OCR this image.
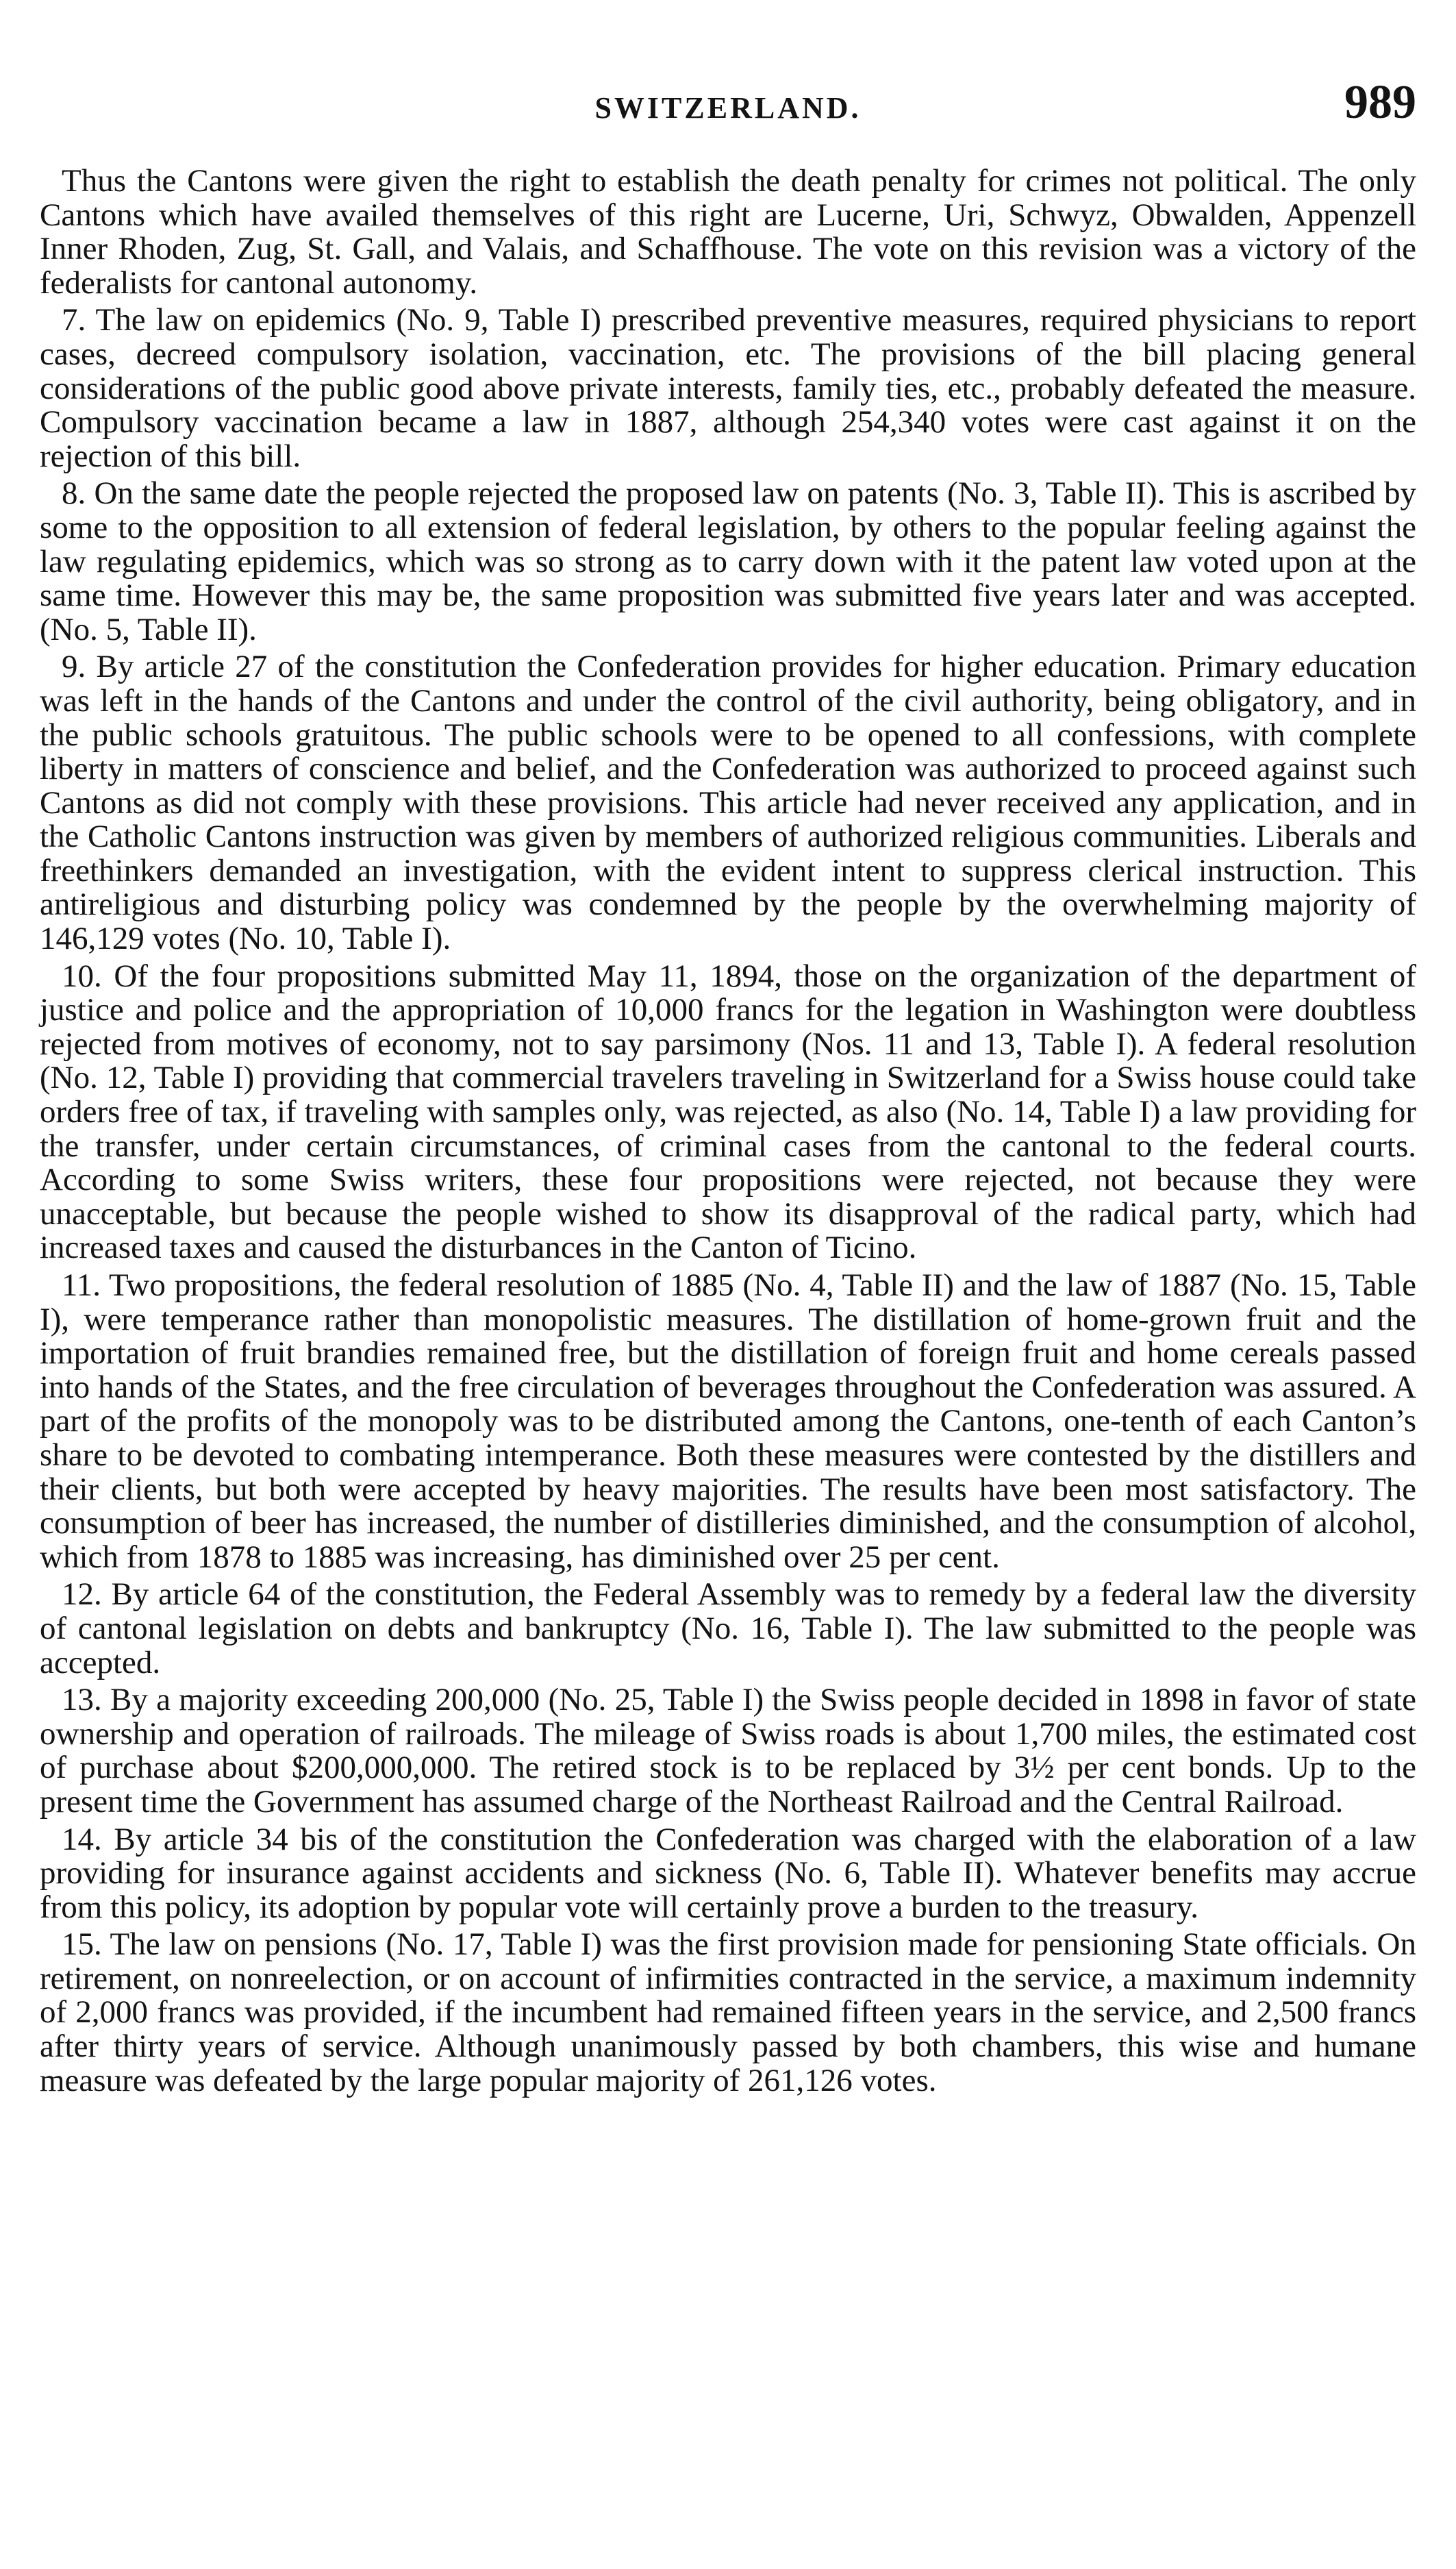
SWITZERLAND.	989

Thus the Cantons were given the right to establish the death penalty for crimes not political. The only Cantons which have availed themselves of this right are Lucerne, Uri, Schwyz, Obwalden, Appenzell Inner Rhoden, Zug, St. Gall, and Valais, and Schaffhouse. The vote on this revision was a victory of the federalists for cantonal autonomy.

7. The law on epidemics (No. 9, Table I) prescribed preventive measures, required physicians to report cases, decreed compulsory isolation, vaccination, etc. The provisions of the bill placing general considerations of the public good above private interests, family ties, etc., probably defeated the measure. Compulsory vaccination became a law in 1887, although 254,340 votes were cast against it on the rejection of this bill.

8. On the same date the people rejected the proposed law on patents (No. 3, Table II). This is ascribed by some to the opposition to all extension of federal legislation, by others to the popular feeling against the law regulating epidemics, which was so strong as to carry down with it the patent law voted upon at the same time. However this may be, the same proposition was submitted five years later and was accepted. (No. 5, Table II).

9. By article 27 of the constitution the Confederation provides for higher education. Primary education was left in the hands of the Cantons and under the control of the civil authority, being obligatory, and in the public schools gratuitous. The public schools were to be opened to all confessions, with complete liberty in matters of conscience and belief, and the Confederation was authorized to proceed against such Cantons as did not comply with these provisions. This article had never received any application, and in the Catholic Cantons instruction was given by members of authorized religious communities. Liberals and freethinkers demanded an investigation, with the evident intent to suppress clerical instruction. This antireligious and disturbing policy was condemned by the people by the overwhelming majority of 146,129 votes (No. 10, Table I).

10. Of the four propositions submitted May 11, 1894, those on the organization of the department of justice and police and the appropriation of 10,000 francs for the legation in Washington were doubtless rejected from motives of economy, not to say parsimony (Nos. 11 and 13, Table I). A federal resolution (No. 12, Table I) providing that commercial travelers traveling in Switzerland for a Swiss house could take orders free of tax, if traveling with samples only, was rejected, as also (No. 14, Table I) a law providing for the transfer, under certain circumstances, of criminal cases from the cantonal to the federal courts. According to some Swiss writers, these four propositions were rejected, not because they were unacceptable, but because the people wished to show its disapproval of the radical party, which had increased taxes and caused the disturbances in the Canton of Ticino.

11. Two propositions, the federal resolution of 1885 (No. 4, Table II) and the law of 1887 (No. 15, Table I), were temperance rather than monopolistic measures. The distillation of home-grown fruit and the importation of fruit brandies remained free, but the distillation of foreign fruit and home cereals passed into hands of the States, and the free circulation of beverages throughout the Confederation was assured. A part of the profits of the monopoly was to be distributed among the Cantons, one-tenth of each Canton’s share to be devoted to combating intemperance. Both these measures were contested by the distillers and their clients, but both were accepted by heavy majorities. The results have been most satisfactory. The consumption of beer has increased, the number of distilleries diminished, and the consumption of alcohol, which from 1878 to 1885 was increasing, has diminished over 25 per cent.

12. By article 64 of the constitution, the Federal Assembly was to remedy by a federal law the diversity of cantonal legislation on debts and bankruptcy (No. 16, Table I). The law submitted to the people was accepted.

13. By a majority exceeding 200,000 (No. 25, Table I) the Swiss people decided in 1898 in favor of state ownership and operation of railroads. The mileage of Swiss roads is about 1,700 miles, the estimated cost of purchase about $200,000,000. The retired stock is to be replaced by 3½ per cent bonds. Up to the present time the Government has assumed charge of the Northeast Railroad and the Central Railroad.

14. By article 34 bis of the constitution the Confederation was charged with the elaboration of a law providing for insurance against accidents and sickness (No. 6, Table II). Whatever benefits may accrue from this policy, its adoption by popular vote will certainly prove a burden to the treasury.

15. The law on pensions (No. 17, Table I) was the first provision made for pensioning State officials. On retirement, on nonreelection, or on account of infirmities contracted in the service, a maximum indemnity of 2,000 francs was provided, if the incumbent had remained fifteen years in the service, and 2,500 francs after thirty years of service. Although unanimously passed by both chambers, this wise and humane measure was defeated by the large popular majority of 261,126 votes.
